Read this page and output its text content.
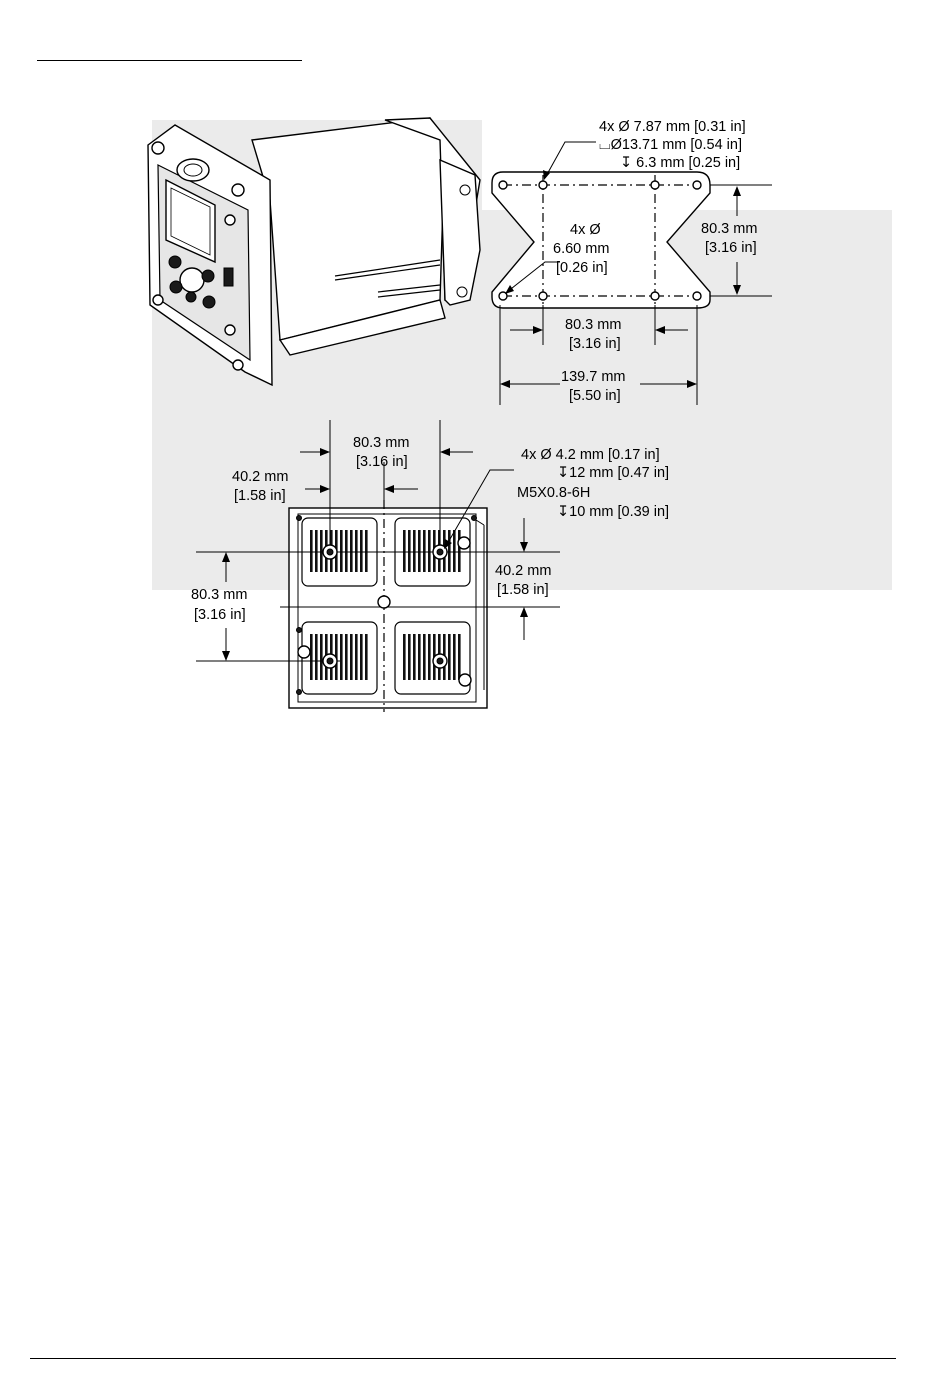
4x Ø 7.87 mm [0.31 in]
⌴Ø13.71 mm [0.54 in]
↧ 6.3 mm [0.25 in]
4x Ø
6.60 mm
[0.26 in]
80.3 mm
[3.16 in]
80.3 mm
[3.16 in]
139.7 mm
[5.50 in]
80.3 mm
[3.16 in]
40.2 mm
[1.58 in]
4x Ø 4.2 mm [0.17 in]
↧12 mm [0.47 in]
M5X0.8-6H
↧10 mm [0.39 in]
40.2 mm
[1.58 in]
80.3 mm
[3.16 in]
